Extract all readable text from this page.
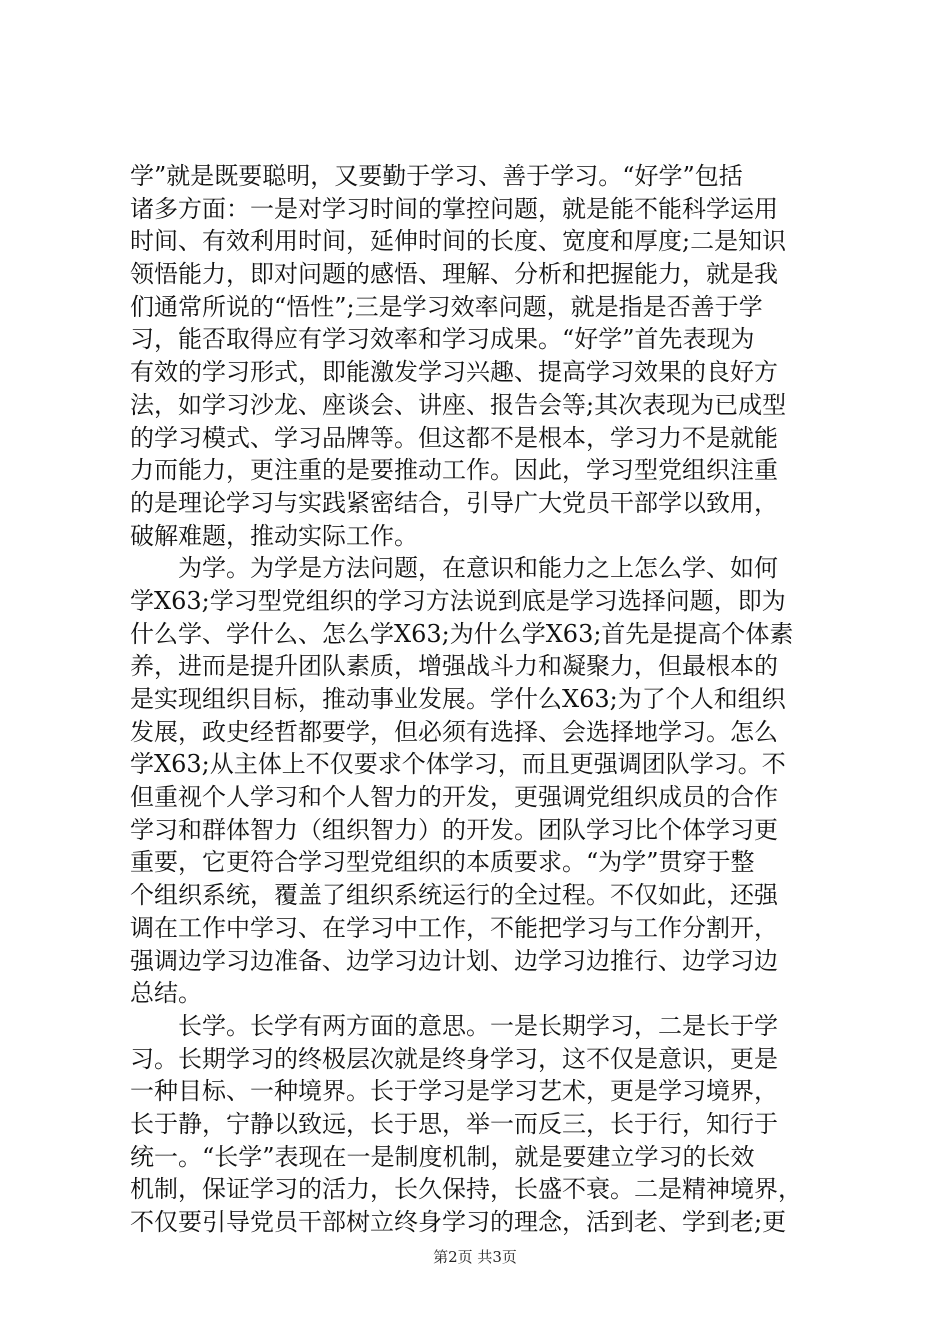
学”就是既要聪明，又要勤于学习、善于学习。“好学”包括
诸多方面：一是对学习时间的掌控问题，就是能不能科学运用
时间、有效利用时间，延伸时间的长度、宽度和厚度;二是知识
领悟能力，即对问题的感悟、理解、分析和把握能力，就是我
们通常所说的“悟性”;三是学习效率问题，就是指是否善于学
习，能否取得应有学习效率和学习成果。“好学”首先表现为
有效的学习形式，即能激发学习兴趣、提高学习效果的良好方
法，如学习沙龙、座谈会、讲座、报告会等;其次表现为已成型
的学习模式、学习品牌等。但这都不是根本，学习力不是就能
力而能力，更注重的是要推动工作。因此，学习型党组织注重
的是理论学习与实践紧密结合，引导广大党员干部学以致用，
破解难题，推动实际工作。
　　为学。为学是方法问题，在意识和能力之上怎么学、如何
学X63;学习型党组织的学习方法说到底是学习选择问题，即为
什么学、学什么、怎么学X63;为什么学X63;首先是提高个体素
养，进而是提升团队素质，增强战斗力和凝聚力，但最根本的
是实现组织目标，推动事业发展。学什么X63;为了个人和组织
发展，政史经哲都要学，但必须有选择、会选择地学习。怎么
学X63;从主体上不仅要求个体学习，而且更强调团队学习。不
但重视个人学习和个人智力的开发，更强调党组织成员的合作
学习和群体智力（组织智力）的开发。团队学习比个体学习更
重要，它更符合学习型党组织的本质要求。“为学”贯穿于整
个组织系统，覆盖了组织系统运行的全过程。不仅如此，还强
调在工作中学习、在学习中工作，不能把学习与工作分割开，
强调边学习边准备、边学习边计划、边学习边推行、边学习边
总结。
　　长学。长学有两方面的意思。一是长期学习，二是长于学
习。长期学习的终极层次就是终身学习，这不仅是意识，更是
一种目标、一种境界。长于学习是学习艺术，更是学习境界，
长于静，宁静以致远，长于思，举一而反三，长于行，知行于
统一。“长学”表现在一是制度机制，就是要建立学习的长效
机制，保证学习的活力，长久保持，长盛不衰。二是精神境界，
不仅要引导党员干部树立终身学习的理念，活到老、学到老;更
第2页 共3页
